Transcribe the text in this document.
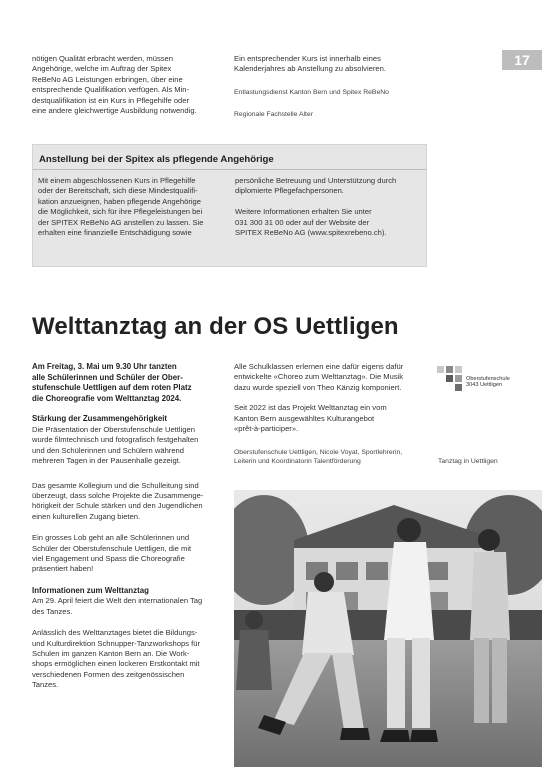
17
nötigen Qualität erbracht werden, müssen
Angehörige, welche im Auftrag der Spitex
ReBeNo AG Leistungen erbringen, über eine
entsprechende Qualifikation verfügen. Als Min-
destqualifikation ist ein Kurs in Pflegehilfe oder
eine andere gleichwertige Ausbildung notwendig.
Ein entsprechender Kurs ist innerhalb eines
Kalenderjahres ab Anstellung zu absolvieren.
Entlastungsdienst Kanton Bern und Spitex ReBeNo
Regionale Fachstelle Alter
Anstellung bei der Spitex als pflegende Angehörige
Mit einem abgeschlossenen Kurs in Pflegehilfe
oder der Bereitschaft, sich diese Mindestqualifi-
kation anzueignen, haben pflegende Angehörige
die Möglichkeit, sich für ihre Pflegeleistungen bei
der SPITEX ReBeNo AG anstellen zu lassen. Sie
erhalten eine finanzielle Entschädigung sowie
persönliche Betreuung und Unterstützung durch
diplomierte Pflegefachpersonen.
Weitere Informationen erhalten Sie unter
031 300 31 00 oder auf der Website der
SPITEX ReBeNo AG (www.spitexrebeno.ch).
Welttanztag an der OS Uettligen
Am Freitag, 3. Mai um 9.30 Uhr tanzten
alle Schülerinnen und Schüler der Ober-
stufenschule Uettligen auf dem roten Platz
die Choreografie vom Welttanztag 2024.
Stärkung der Zusammengehörigkeit
Die Präsentation der Oberstufenschule Uettligen
wurde filmtechnisch und fotografisch festgehalten
und den Schülerinnen und Schülern während
mehreren Tagen in der Pausenhalle gezeigt.
Das gesamte Kollegium und die Schulleitung sind
überzeugt, dass solche Projekte die Zusammenge-
hörigkeit der Schule stärken und den Jugendlichen
einen kulturellen Zugang bieten.
Ein grosses Lob geht an alle Schülerinnen und
Schüler der Oberstufenschule Uettligen, die mit
viel Engagement und Spass die Choreografie
präsentiert haben!
Informationen zum Welttanztag
Am 29. April feiert die Welt den internationalen Tag
des Tanzes.
Anlässlich des Welttanztages bietet die Bildungs-
und Kulturdirektion Schnupper-Tanzworkshops für
Schulen im ganzen Kanton Bern an. Die Work-
shops ermöglichen einen lockeren Erstkontakt mit
verschiedenen Formen des zeitgenössischen
Tanzes.
Alle Schulklassen erlernen eine dafür eigens dafür
entwickelte «Choreo zum Welttanztag». Die Musik
dazu wurde speziell von Theo Känzig komponiert.
Seit 2022 ist das Projekt Welttanztag ein vom
Kanton Bern ausgewähltes Kulturangebot
«prêt-à-participer».
Oberstufenschule Uettligen, Nicole Voyat, Sportlehrerin,
Leiterin und Koordinatorin Talentförderung	Tanztag in Uettligen
Oberstufenschule
3043 Uettligen
